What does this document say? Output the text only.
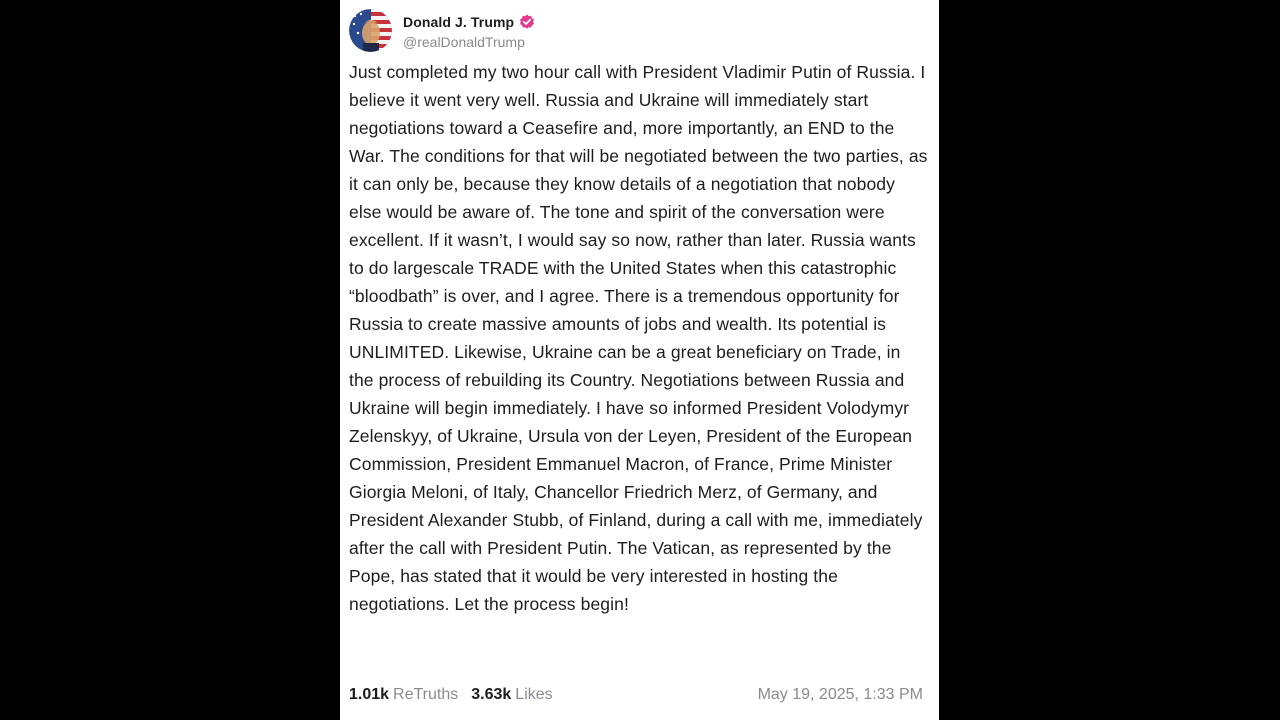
Donald J. Trump
@realDonaldTrump

Just completed my two hour call with President Vladimir Putin of Russia. I believe it went very well. Russia and Ukraine will immediately start negotiations toward a Ceasefire and, more importantly, an END to the War. The conditions for that will be negotiated between the two parties, as it can only be, because they know details of a negotiation that nobody else would be aware of. The tone and spirit of the conversation were excellent. If it wasn’t, I would say so now, rather than later. Russia wants to do largescale TRADE with the United States when this catastrophic “bloodbath” is over, and I agree. There is a tremendous opportunity for Russia to create massive amounts of jobs and wealth. Its potential is UNLIMITED. Likewise, Ukraine can be a great beneficiary on Trade, in the process of rebuilding its Country. Negotiations between Russia and Ukraine will begin immediately. I have so informed President Volodymyr Zelenskyy, of Ukraine, Ursula von der Leyen, President of the European Commission, President Emmanuel Macron, of France, Prime Minister Giorgia Meloni, of Italy, Chancellor Friedrich Merz, of Germany, and President Alexander Stubb, of Finland, during a call with me, immediately after the call with President Putin. The Vatican, as represented by the Pope, has stated that it would be very interested in hosting the negotiations. Let the process begin!

1.01k ReTruths 3.63k Likes	May 19, 2025, 1:33 PM
